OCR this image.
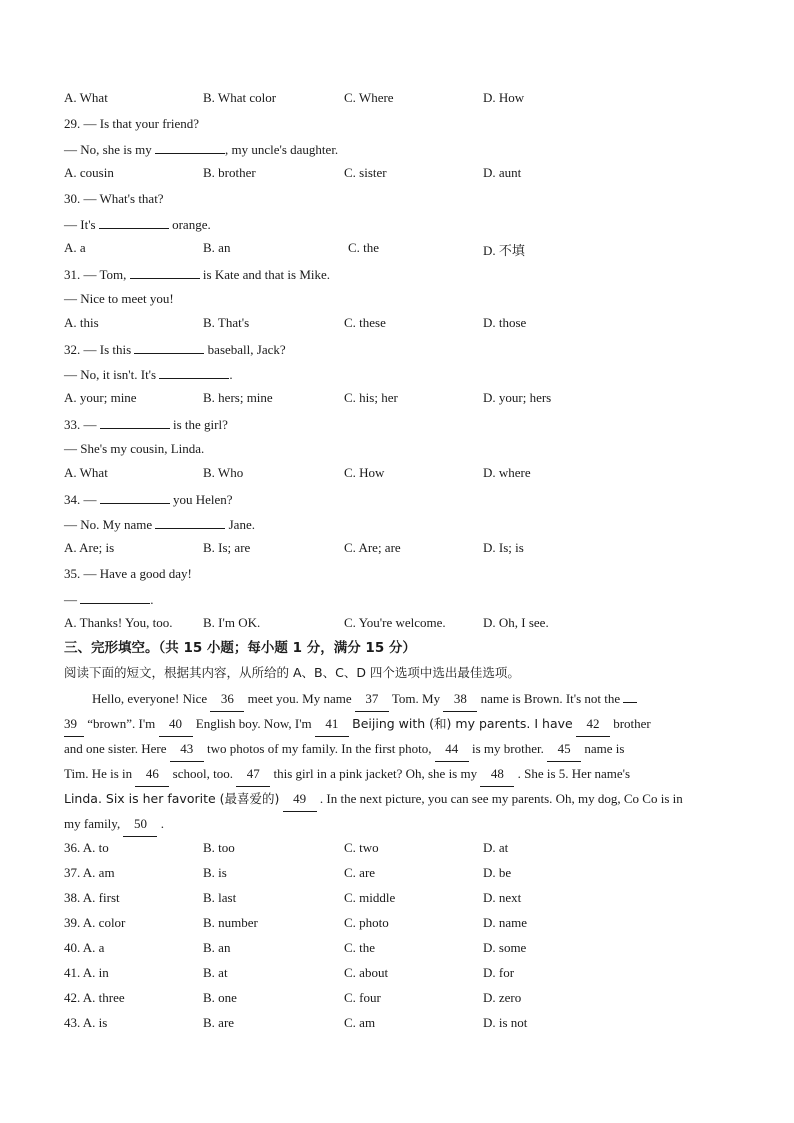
A. What	B. What color	C. Where	D. How
29. — Is that your friend?
— No, she is my	, my uncle's daughter.
A. cousin	B. brother	C. sister	D. aunt
30. — What's that?
— It's	orange.
A. a	B. an	C. the	D. 不填
31. — Tom,	is Kate and that is Mike.
— Nice to meet you!
A. this	B. That's	C. these	D. those
32. — Is this	baseball, Jack?
— No, it isn't. It's	.
A. your; mine	B. hers; mine	C. his; her	D. your; hers
33. —	is the girl?
— She's my cousin, Linda.
A. What	B. Who	C. How	D. where
34. —	you Helen?
— No. My name	Jane.
A. Are; is	B. Is; are	C. Are; are	D. Is; is
35. — Have a good day!
—	.
A. Thanks! You, too. B. I'm OK.	C. You're welcome.	D. Oh, I see.
三、完形填空。（共 15 小题；每小题 1 分，满分 15 分）
阅读下面的短文，根据其内容，从所给的 A、B、C、D 四个选项中选出最佳选项。
Hello, everyone! Nice 36 meet you. My name 37 Tom. My 38 name is Brown. It's not the
39 “brown”. I'm 40 English boy. Now, I'm 41 Beijing with (和) my parents. I have 42 brother
and one sister. Here 43 two photos of my family. In the first photo, 44 is my brother. 45 name is
Tim. He is in 46 school, too. 47 this girl in a pink jacket? Oh, she is my 48 . She is 5. Her name's
Linda. Six is her favorite (最喜爱的) 49 . In the next picture, you can see my parents. Oh, my dog, Co Co is in
my family, 50 .
36. A. to	B. too	C. two	D. at
37. A. am	B. is	C. are	D. be
38. A. first	B. last	C. middle	D. next
39. A. color	B. number	C. photo	D. name
40. A. a	B. an	C. the	D. some
41. A. in	B. at	C. about	D. for
42. A. three	B. one	C. four	D. zero
43. A. is	B. are	C. am	D. is not
